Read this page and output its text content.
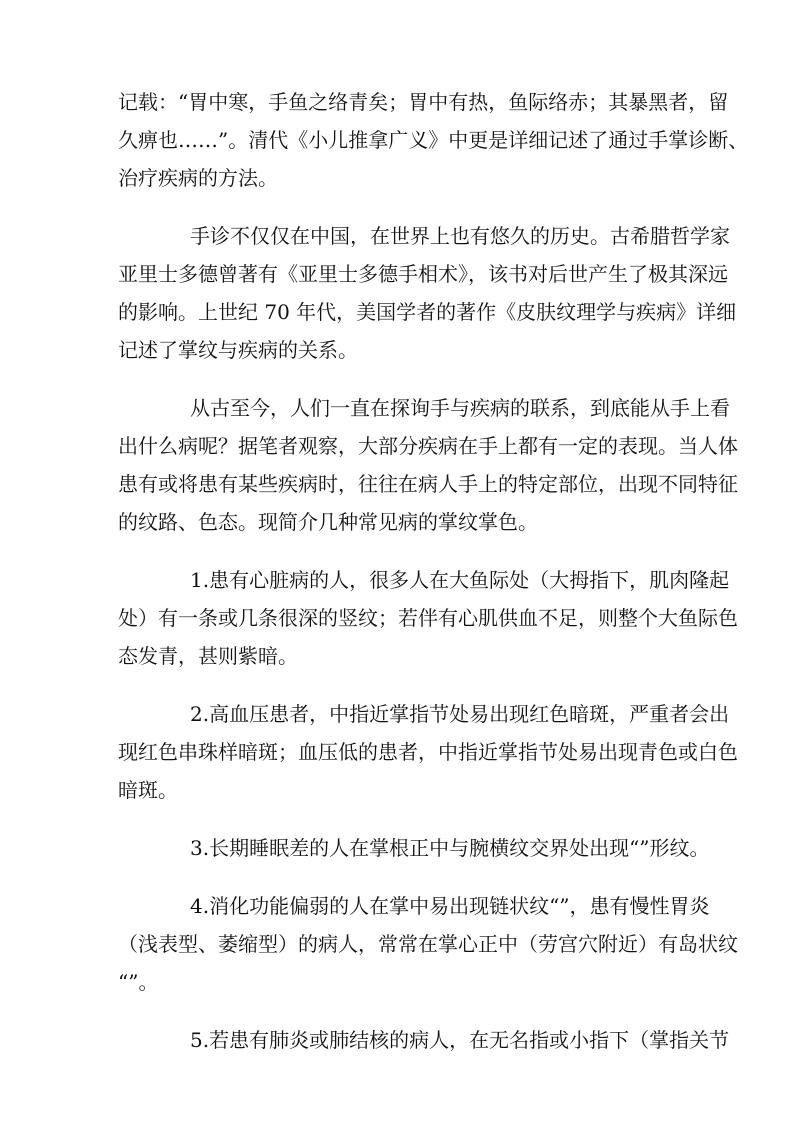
记载：“胃中寒，手鱼之络青矣；胃中有热，鱼际络赤；其暴黑者，留
久痹也……”。清代《小儿推拿广义》中更是详细记述了通过手掌诊断、
治疗疾病的方法。
手诊不仅仅在中国，在世界上也有悠久的历史。古希腊哲学家
亚里士多德曾著有《亚里士多德手相术》，该书对后世产生了极其深远
的影响。上世纪 70 年代，美国学者的著作《皮肤纹理学与疾病》详细
记述了掌纹与疾病的关系。
从古至今，人们一直在探询手与疾病的联系，到底能从手上看
出什么病呢？据笔者观察，大部分疾病在手上都有一定的表现。当人体
患有或将患有某些疾病时，往往在病人手上的特定部位，出现不同特征
的纹路、色态。现简介几种常见病的掌纹掌色。
1.患有心脏病的人，很多人在大鱼际处（大拇指下，肌肉隆起
处）有一条或几条很深的竖纹；若伴有心肌供血不足，则整个大鱼际色
态发青，甚则紫暗。
2.高血压患者，中指近掌指节处易出现红色暗斑，严重者会出
现红色串珠样暗斑；血压低的患者，中指近掌指节处易出现青色或白色
暗斑。
3.长期睡眠差的人在掌根正中与腕横纹交界处出现“”形纹。
4.消化功能偏弱的人在掌中易出现链状纹“”，患有慢性胃炎
（浅表型、萎缩型）的病人，常常在掌心正中（劳宫穴附近）有岛状纹
“”。
5.若患有肺炎或肺结核的病人，在无名指或小指下（掌指关节
